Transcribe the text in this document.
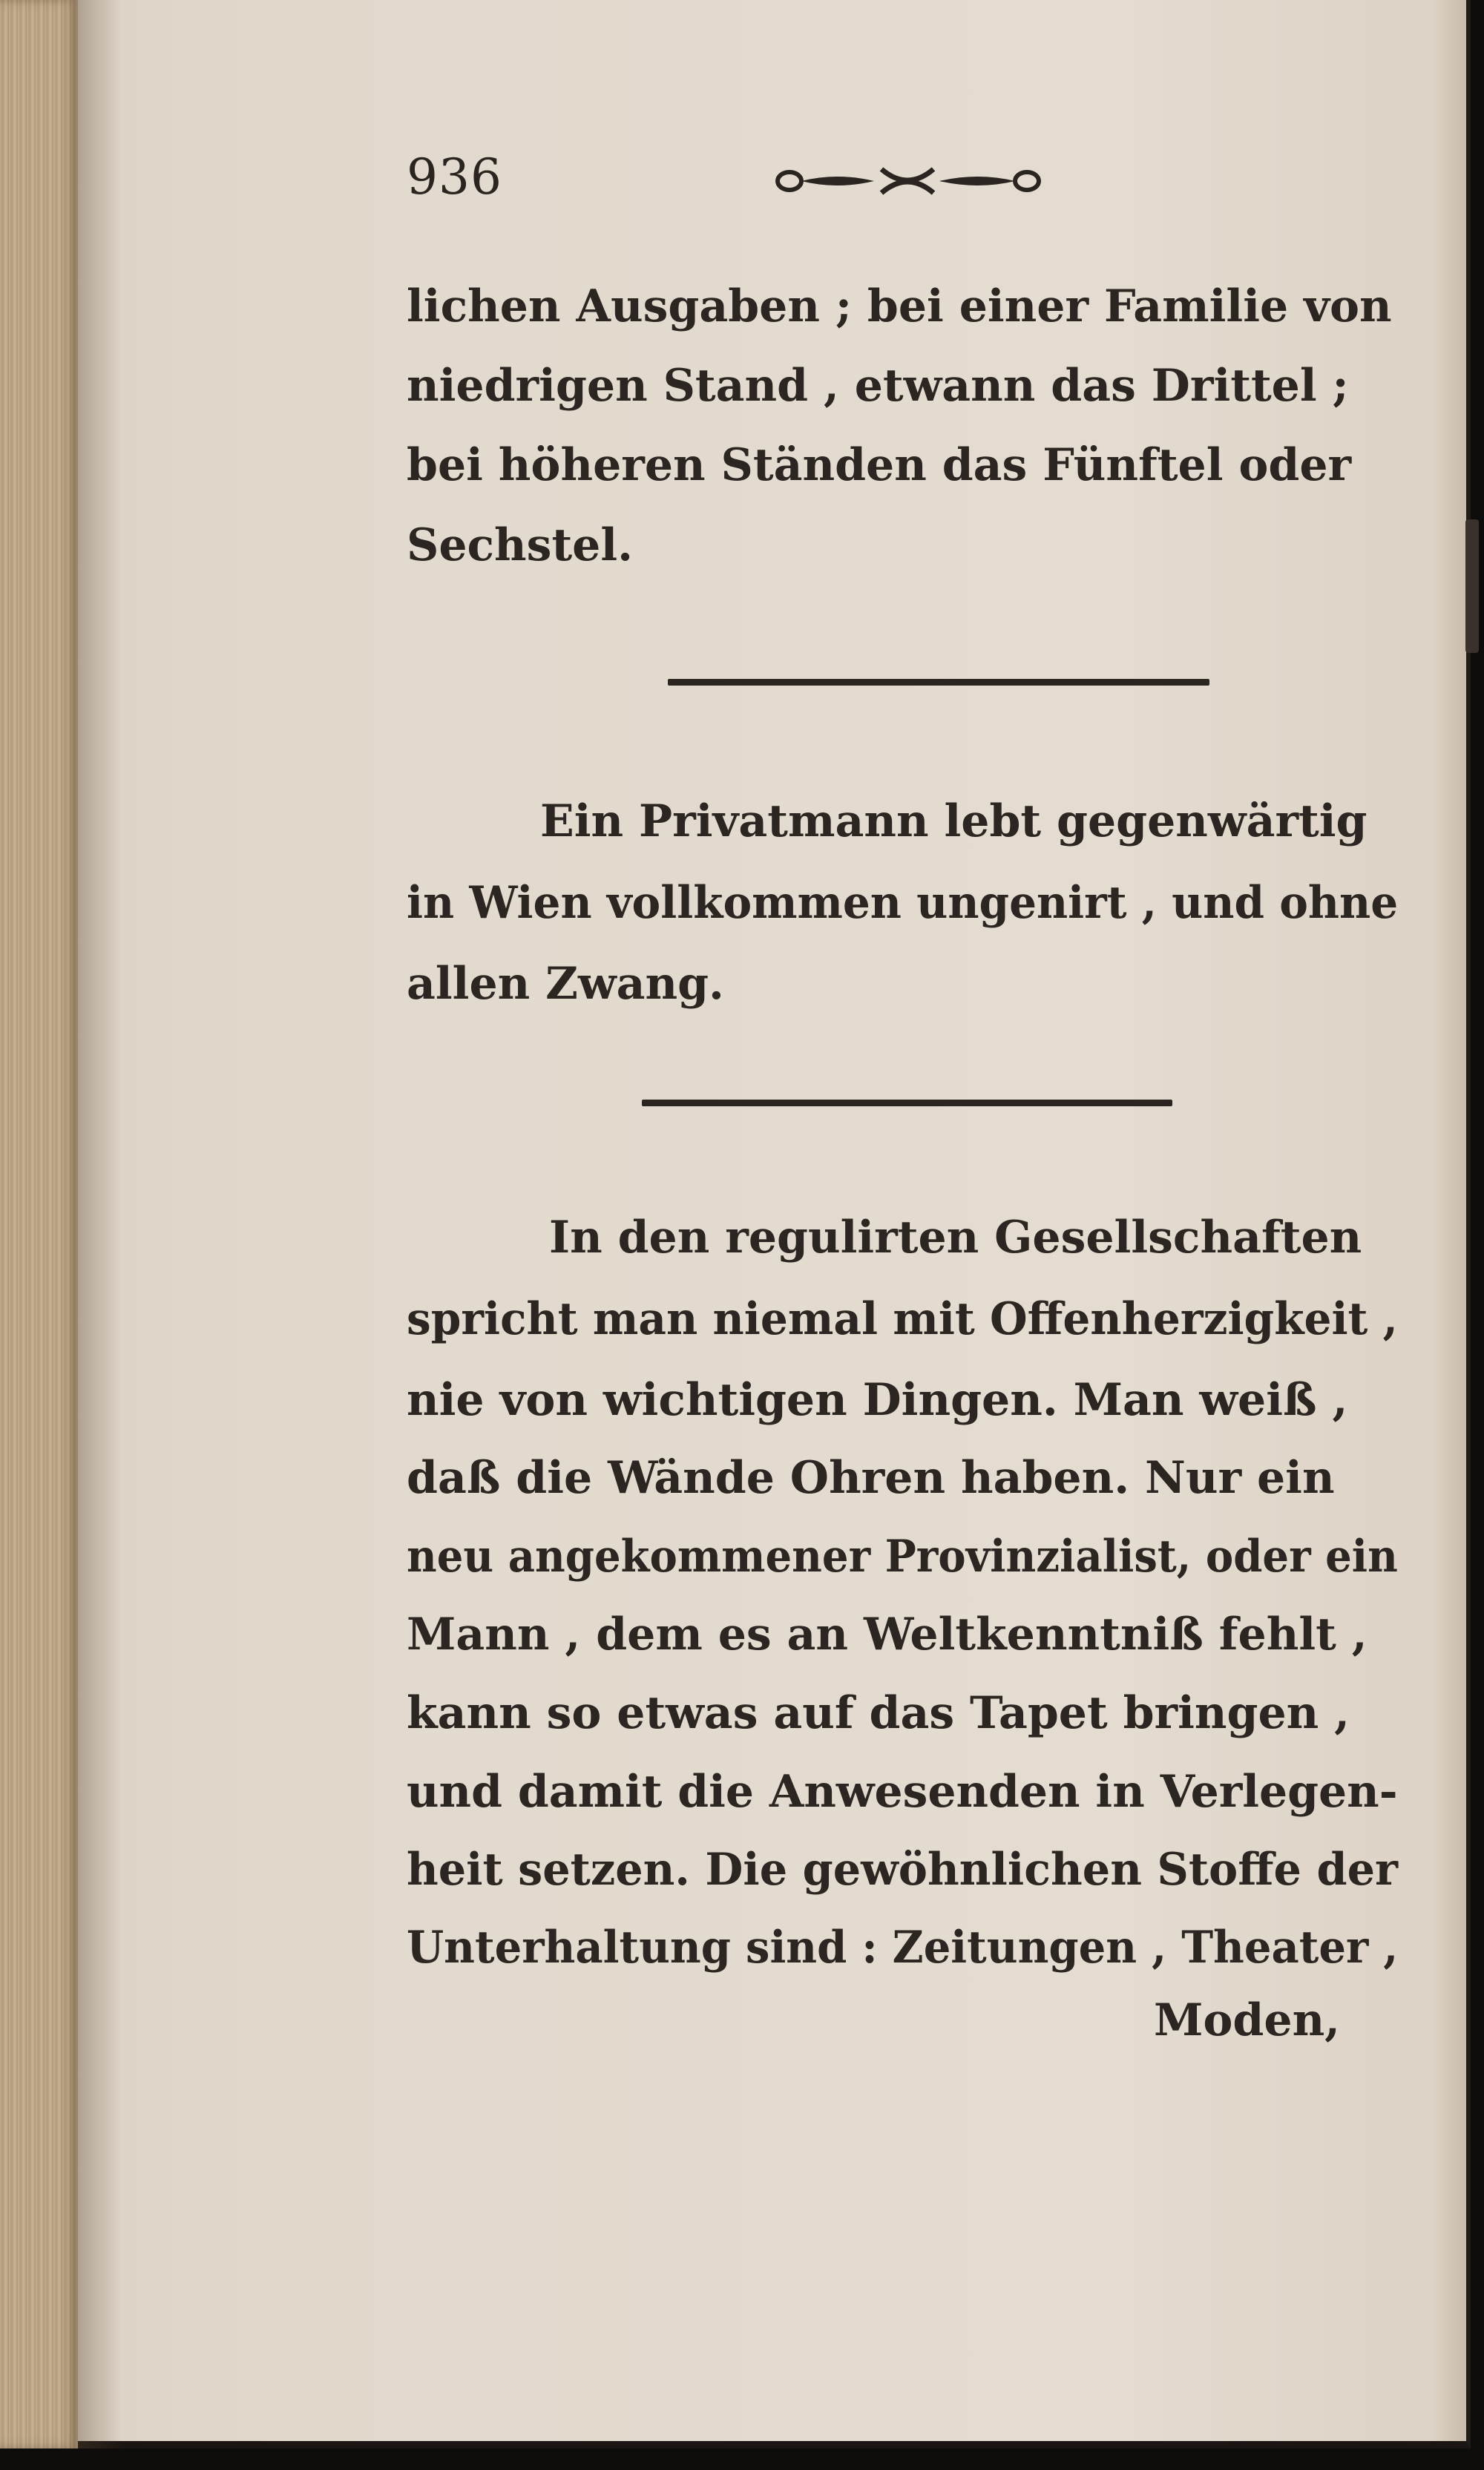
936
lichen Ausgaben ; bei einer Familie von
niedrigen Stand , etwann das Drittel ;
bei höheren Ständen das Fünftel oder
Sechstel.
Ein Privatmann lebt gegenwärtig
in Wien vollkommen ungenirt , und ohne
allen Zwang.
In den regulirten Gesellschaften
spricht man niemal mit Offenherzigkeit ,
nie von wichtigen Dingen. Man weiß ,
daß die Wände Ohren haben. Nur ein
neu angekommener Provinzialist, oder ein
Mann , dem es an Weltkenntniß fehlt ,
kann so etwas auf das Tapet bringen ,
und damit die Anwesenden in Verlegen-
heit setzen. Die gewöhnlichen Stoffe der
Unterhaltung sind : Zeitungen , Theater ,
Moden,
